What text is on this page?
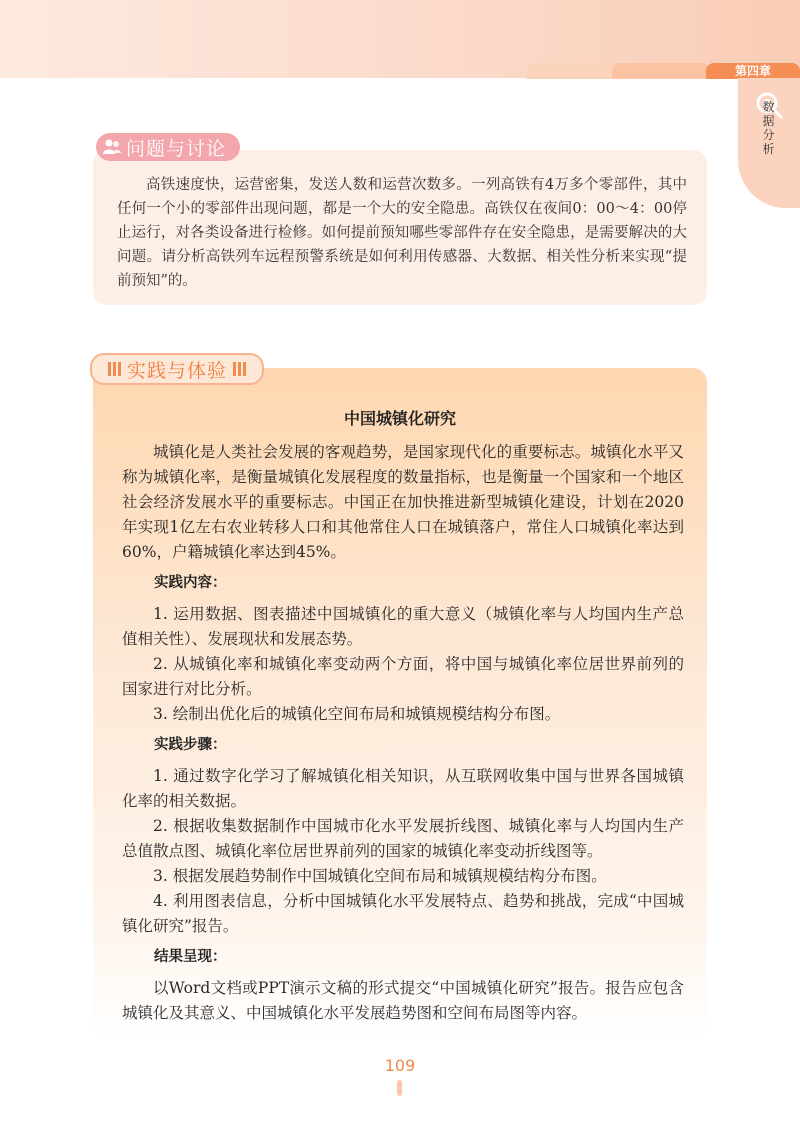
第四章
数
据
分
析
问题与讨论

高铁速度快，运营密集，发送人数和运营次数多。一列高铁有4万多个零部件，其中任何一个小的零部件出现问题，都是一个大的安全隐患。高铁仅在夜间0：00～4：00停止运行，对各类设备进行检修。如何提前预知哪些零部件存在安全隐患，是需要解决的大问题。请分析高铁列车远程预警系统是如何利用传感器、大数据、相关性分析来实现“提前预知”的。

实践与体验
中国城镇化研究

城镇化是人类社会发展的客观趋势，是国家现代化的重要标志。城镇化水平又称为城镇化率，是衡量城镇化发展程度的数量指标，也是衡量一个国家和一个地区社会经济发展水平的重要标志。中国正在加快推进新型城镇化建设，计划在2020年实现1亿左右农业转移人口和其他常住人口在城镇落户，常住人口城镇化率达到60%，户籍城镇化率达到45%。

实践内容：

1. 运用数据、图表描述中国城镇化的重大意义（城镇化率与人均国内生产总值相关性）、发展现状和发展态势。

2. 从城镇化率和城镇化率变动两个方面，将中国与城镇化率位居世界前列的国家进行对比分析。

3. 绘制出优化后的城镇化空间布局和城镇规模结构分布图。

实践步骤：

1. 通过数字化学习了解城镇化相关知识，从互联网收集中国与世界各国城镇化率的相关数据。

2. 根据收集数据制作中国城市化水平发展折线图、城镇化率与人均国内生产总值散点图、城镇化率位居世界前列的国家的城镇化率变动折线图等。

3. 根据发展趋势制作中国城镇化空间布局和城镇规模结构分布图。

4. 利用图表信息，分析中国城镇化水平发展特点、趋势和挑战，完成“中国城镇化研究”报告。

结果呈现：

以Word文档或PPT演示文稿的形式提交“中国城镇化研究”报告。报告应包含城镇化及其意义、中国城镇化水平发展趋势图和空间布局图等内容。

109
